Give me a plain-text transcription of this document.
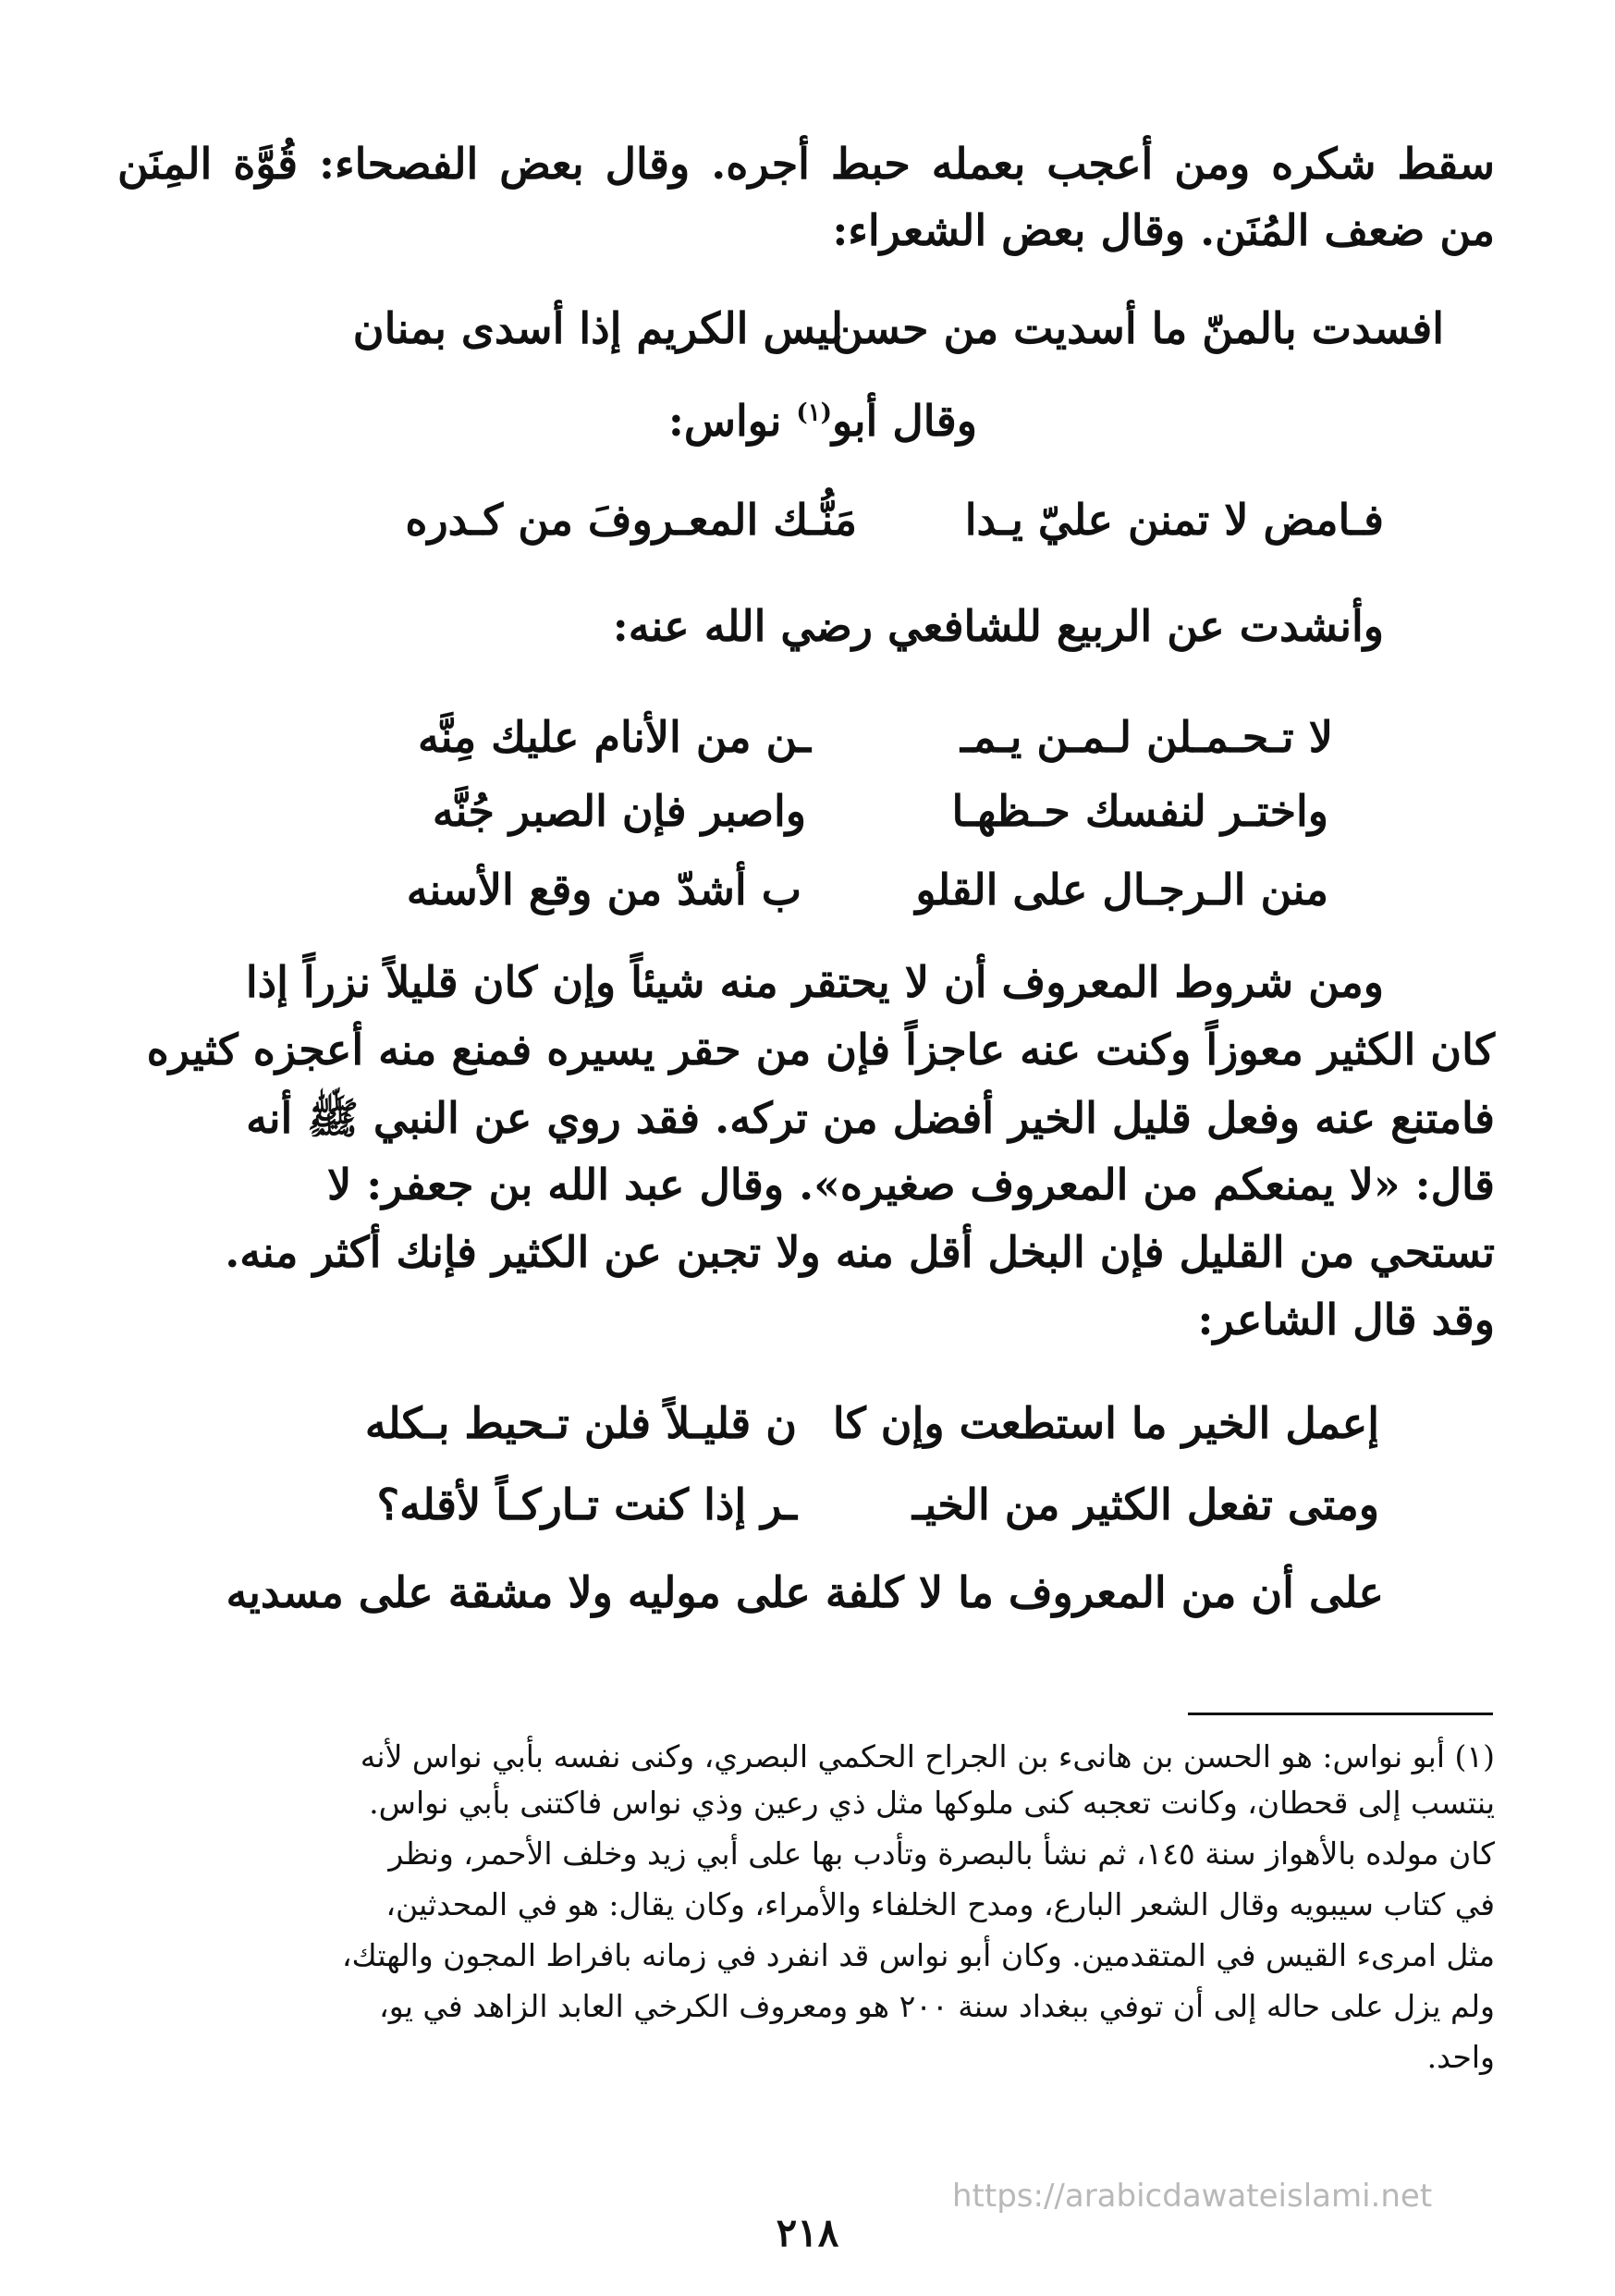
سقط شكره ومن أعجب بعمله حبط أجره. وقال بعض الفصحاء: قُوَّة المِنَن
من ضعف المُنَن. وقال بعض الشعراء:
افسدت بالمنّ ما أسديت من حسن
ليس الكريم إذا أسدى بمنان
وقال أبو$^{(١)}$ نواس:
فـامض لا تمنن عليّ يـدا
مَنُّـك المعـروفَ من كـدره
وأنشدت عن الربيع للشافعي رضي الله عنه:
لا تـحـمـلن لـمـن يـمـ
ـن من الأنام عليك مِنَّه
واختـر لنفسك حـظهـا
واصبر فإن الصبر جُنَّه
منن الـرجـال على القلو
ب أشدّ من وقع الأسنه
ومن شروط المعروف أن لا يحتقر منه شيئاً وإن كان قليلاً نزراً إذا
كان الكثير معوزاً وكنت عنه عاجزاً فإن من حقر يسيره فمنع منه أعجزه كثيره
فامتنع عنه وفعل قليل الخير أفضل من تركه. فقد روي عن النبي ﷺ أنه
قال: «لا يمنعكم من المعروف صغيره». وقال عبد الله بن جعفر: لا
تستحي من القليل فإن البخل أقل منه ولا تجبن عن الكثير فإنك أكثر منه.
وقد قال الشاعر:
إعمل الخير ما استطعت وإن كا
ن قليـلاً فلن تـحيط بـكله
ومتى تفعل الكثير من الخيـ
ـر إذا كنت تـاركـاً لأقله؟
على أن من المعروف ما لا كلفة على موليه ولا مشقة على مسديه
(١) أبو نواس: هو الحسن بن هانىء بن الجراح الحكمي البصري، وكنى نفسه بأبي نواس لأنه
ينتسب إلى قحطان، وكانت تعجبه كنى ملوكها مثل ذي رعين وذي نواس فاكتنى بأبي نواس.
كان مولده بالأهواز سنة ١٤٥، ثم نشأ بالبصرة وتأدب بها على أبي زيد وخلف الأحمر، ونظر
في كتاب سيبويه وقال الشعر البارع، ومدح الخلفاء والأمراء، وكان يقال: هو في المحدثين،
مثل امرىء القيس في المتقدمين. وكان أبو نواس قد انفرد في زمانه بافراط المجون والهتك،
ولم يزل على حاله إلى أن توفي ببغداد سنة ٢٠٠ هو ومعروف الكرخي العابد الزاهد في يو،
واحد.
https://arabicdawateislami.net
٢١٨
